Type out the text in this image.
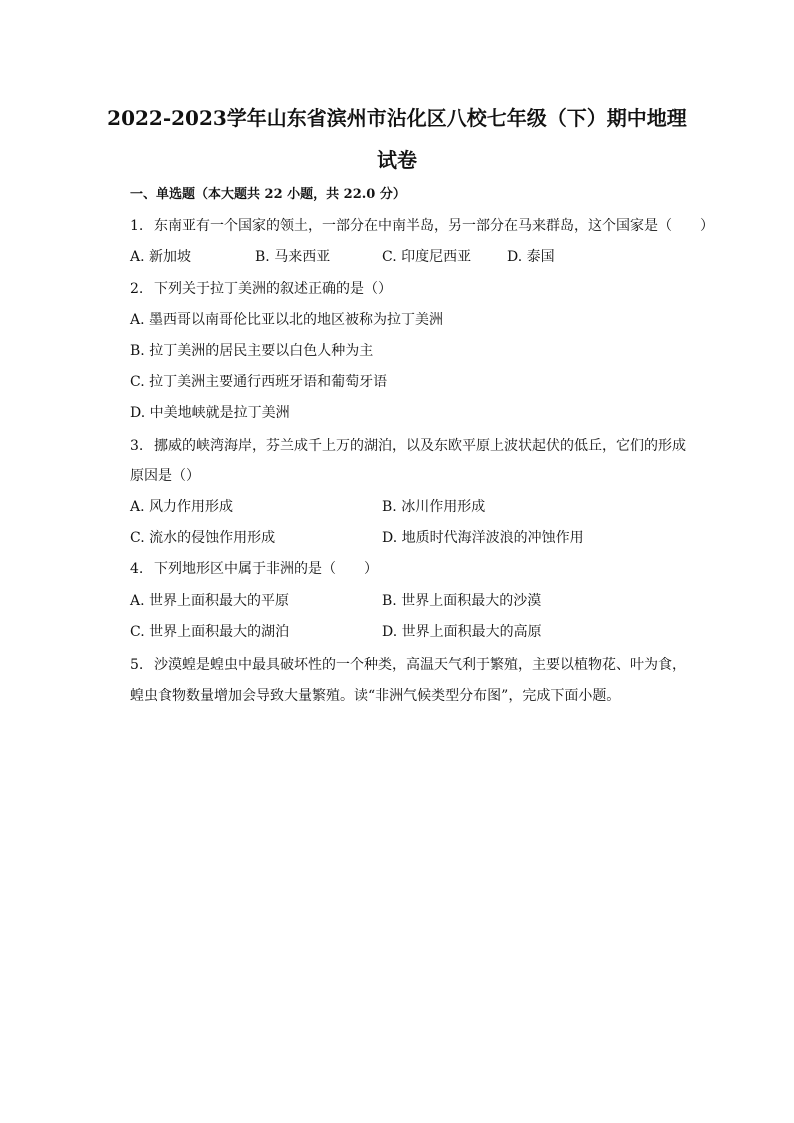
2022-2023学年山东省滨州市沾化区八校七年级（下）期中地理
试卷
一、单选题（本大题共 22 小题，共 22.0 分）
1. 东南亚有一个国家的领土，一部分在中南半岛，另一部分在马来群岛，这个国家是（　　）
A. 新加坡	B. 马来西亚	C. 印度尼西亚	D. 泰国
2. 下列关于拉丁美洲的叙述正确的是（）
A. 墨西哥以南哥伦比亚以北的地区被称为拉丁美洲
B. 拉丁美洲的居民主要以白色人种为主
C. 拉丁美洲主要通行西班牙语和葡萄牙语
D. 中美地峡就是拉丁美洲
3. 挪威的峡湾海岸，芬兰成千上万的湖泊，以及东欧平原上波状起伏的低丘，它们的形成
原因是（）
A. 风力作用形成	B. 冰川作用形成
C. 流水的侵蚀作用形成	D. 地质时代海洋波浪的冲蚀作用
4. 下列地形区中属于非洲的是（　　）
A. 世界上面积最大的平原	B. 世界上面积最大的沙漠
C. 世界上面积最大的湖泊	D. 世界上面积最大的高原
5. 沙漠蝗是蝗虫中最具破坏性的一个种类，高温天气利于繁殖，主要以植物花、叶为食，
蝗虫食物数量增加会导致大量繁殖。读“非洲气候类型分布图”，完成下面小题。
